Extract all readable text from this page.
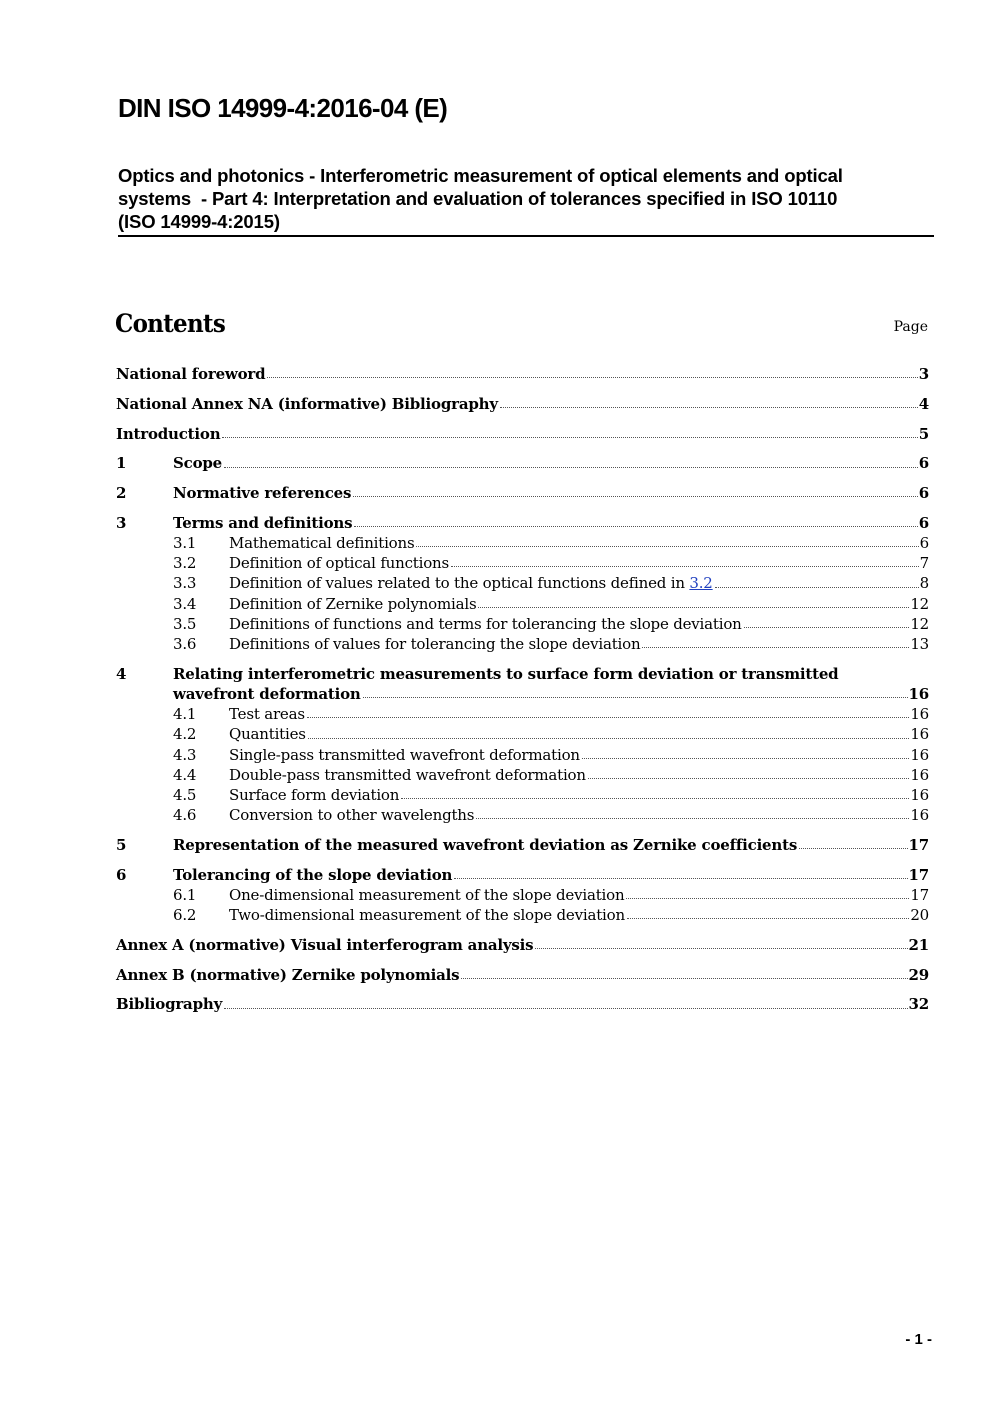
DIN ISO 14999-4:2016-04 (E)
Optics and photonics - Interferometric measurement of optical elements and optical
systems  - Part 4: Interpretation and evaluation of tolerances specified in ISO 10110
(ISO 14999-4:2015)
Contents	Page
National foreword	3
National Annex NA (informative) Bibliography	4
Introduction	5
1	Scope	6
2	Normative references	6
3	Terms and definitions	6
3.1	Mathematical definitions	6
3.2	Definition of optical functions	7
3.3	Definition of values related to the optical functions defined in 3.2	8
3.4	Definition of Zernike polynomials	12
3.5	Definitions of functions and terms for tolerancing the slope deviation	12
3.6	Definitions of values for tolerancing the slope deviation	13
4	Relating interferometric measurements to surface form deviation or transmitted
wavefront deformation	16
4.1	Test areas	16
4.2	Quantities	16
4.3	Single-pass transmitted wavefront deformation	16
4.4	Double-pass transmitted wavefront deformation	16
4.5	Surface form deviation	16
4.6	Conversion to other wavelengths	16
5	Representation of the measured wavefront deviation as Zernike coefficients	17
6	Tolerancing of the slope deviation	17
6.1	One-dimensional measurement of the slope deviation	17
6.2	Two-dimensional measurement of the slope deviation	20
Annex A (normative) Visual interferogram analysis	21
Annex B (normative) Zernike polynomials	29
Bibliography	32
- 1 -
